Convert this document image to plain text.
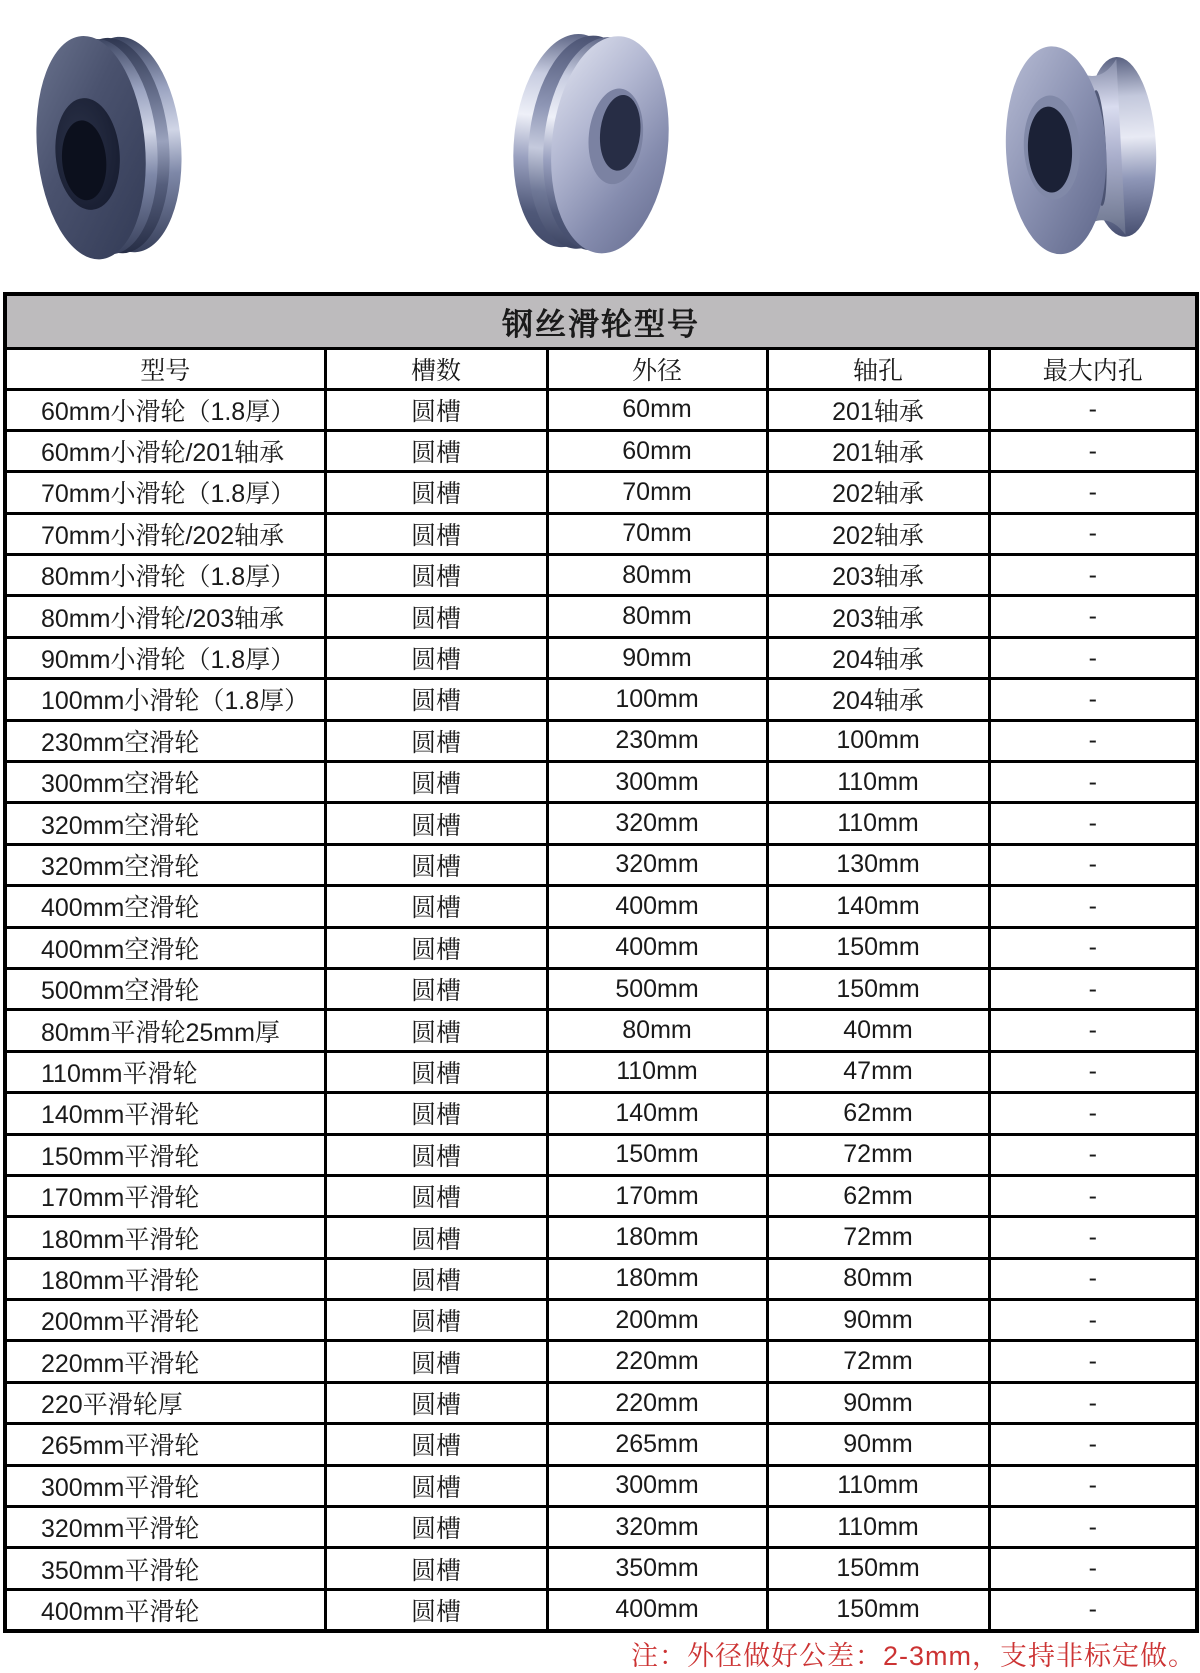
钢丝滑轮型号				
型号	槽数	外径	轴孔	最大内孔
60mm小滑轮（1.8厚）	圆槽	60mm	201轴承	-
60mm小滑轮/201轴承	圆槽	60mm	201轴承	-
70mm小滑轮（1.8厚）	圆槽	70mm	202轴承	-
70mm小滑轮/202轴承	圆槽	70mm	202轴承	-
80mm小滑轮（1.8厚）	圆槽	80mm	203轴承	-
80mm小滑轮/203轴承	圆槽	80mm	203轴承	-
90mm小滑轮（1.8厚）	圆槽	90mm	204轴承	-
100mm小滑轮（1.8厚）	圆槽	100mm	204轴承	-
230mm空滑轮	圆槽	230mm	100mm	-
300mm空滑轮	圆槽	300mm	110mm	-
320mm空滑轮	圆槽	320mm	110mm	-
320mm空滑轮	圆槽	320mm	130mm	-
400mm空滑轮	圆槽	400mm	140mm	-
400mm空滑轮	圆槽	400mm	150mm	-
500mm空滑轮	圆槽	500mm	150mm	-
80mm平滑轮25mm厚	圆槽	80mm	40mm	-
110mm平滑轮	圆槽	110mm	47mm	-
140mm平滑轮	圆槽	140mm	62mm	-
150mm平滑轮	圆槽	150mm	72mm	-
170mm平滑轮	圆槽	170mm	62mm	-
180mm平滑轮	圆槽	180mm	72mm	-
180mm平滑轮	圆槽	180mm	80mm	-
200mm平滑轮	圆槽	200mm	90mm	-
220mm平滑轮	圆槽	220mm	72mm	-
220平滑轮厚	圆槽	220mm	90mm	-
265mm平滑轮	圆槽	265mm	90mm	-
300mm平滑轮	圆槽	300mm	110mm	-
320mm平滑轮	圆槽	320mm	110mm	-
350mm平滑轮	圆槽	350mm	150mm	-
400mm平滑轮	圆槽	400mm	150mm	-
注：外径做好公差：2-3mm，支持非标定做。
